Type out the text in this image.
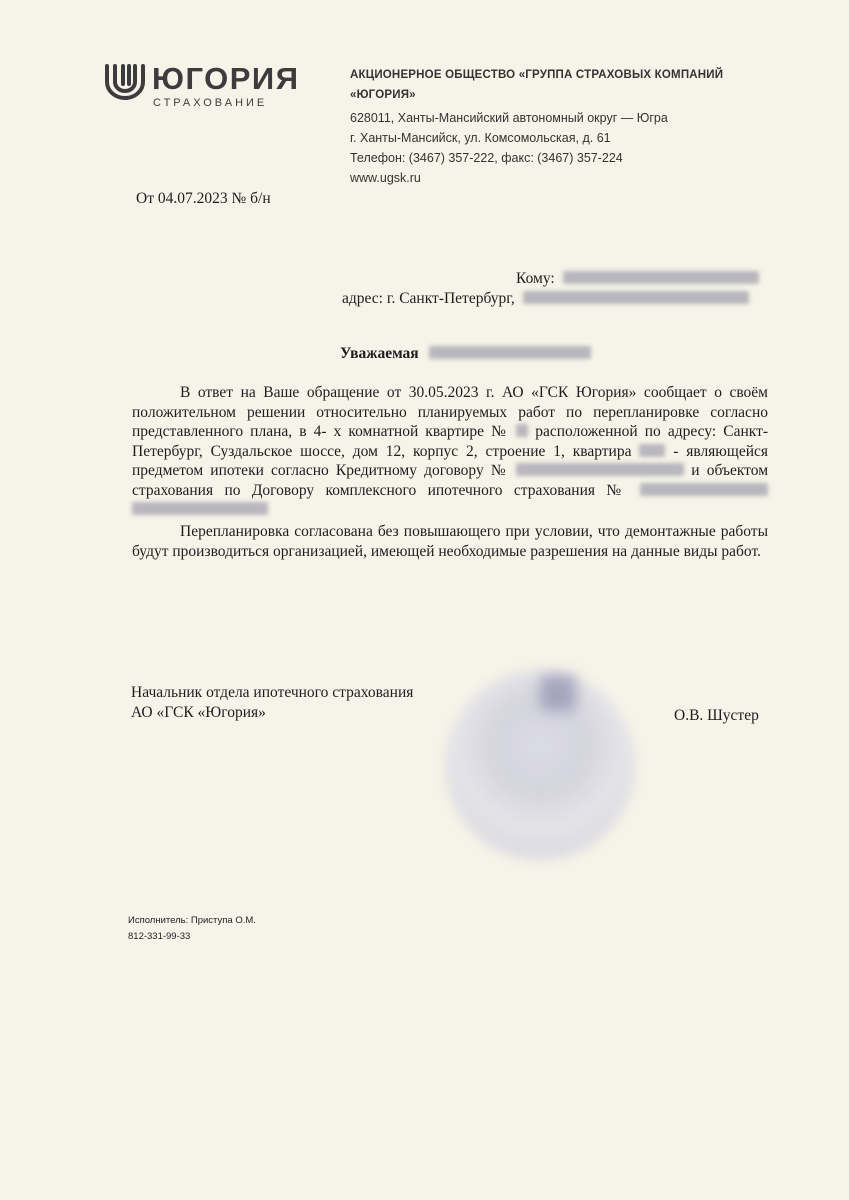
ЮГОРИЯ
СТРАХОВАНИЕ
АКЦИОНЕРНОЕ ОБЩЕСТВО «ГРУППА СТРАХОВЫХ КОМПАНИЙ «ЮГОРИЯ»
628011, Ханты-Мансийский автономный округ — Югра
г. Ханты-Мансийск, ул. Комсомольская, д. 61
Телефон: (3467) 357-222, факс: (3467) 357-224
www.ugsk.ru
От 04.07.2023 № б/н
Кому:
адрес: г. Санкт-Петербург,
Уважаемая
В ответ на Ваше обращение от 30.05.2023 г. АО «ГСК Югория» сообщает о своём положительном решении относительно планируемых работ по перепланировке согласно представленного плана, в 4- х комнатной квартире № расположенной по адресу: Санкт-Петербург, Суздальское шоссе, дом 12, корпус 2, строение 1, квартира	- являющейся предметом ипотеки согласно Кредитному договору №	и объектом страхования по Договору комплексного ипотечного страхования №
Перепланировка согласована без повышающего при условии, что демонтажные работы будут производиться организацией, имеющей необходимые разрешения на данные виды работ.
Начальник отдела ипотечного страхования
АО «ГСК «Югория»	О.В. Шустер
Исполнитель: Приступа О.М.
812-331-99-33
